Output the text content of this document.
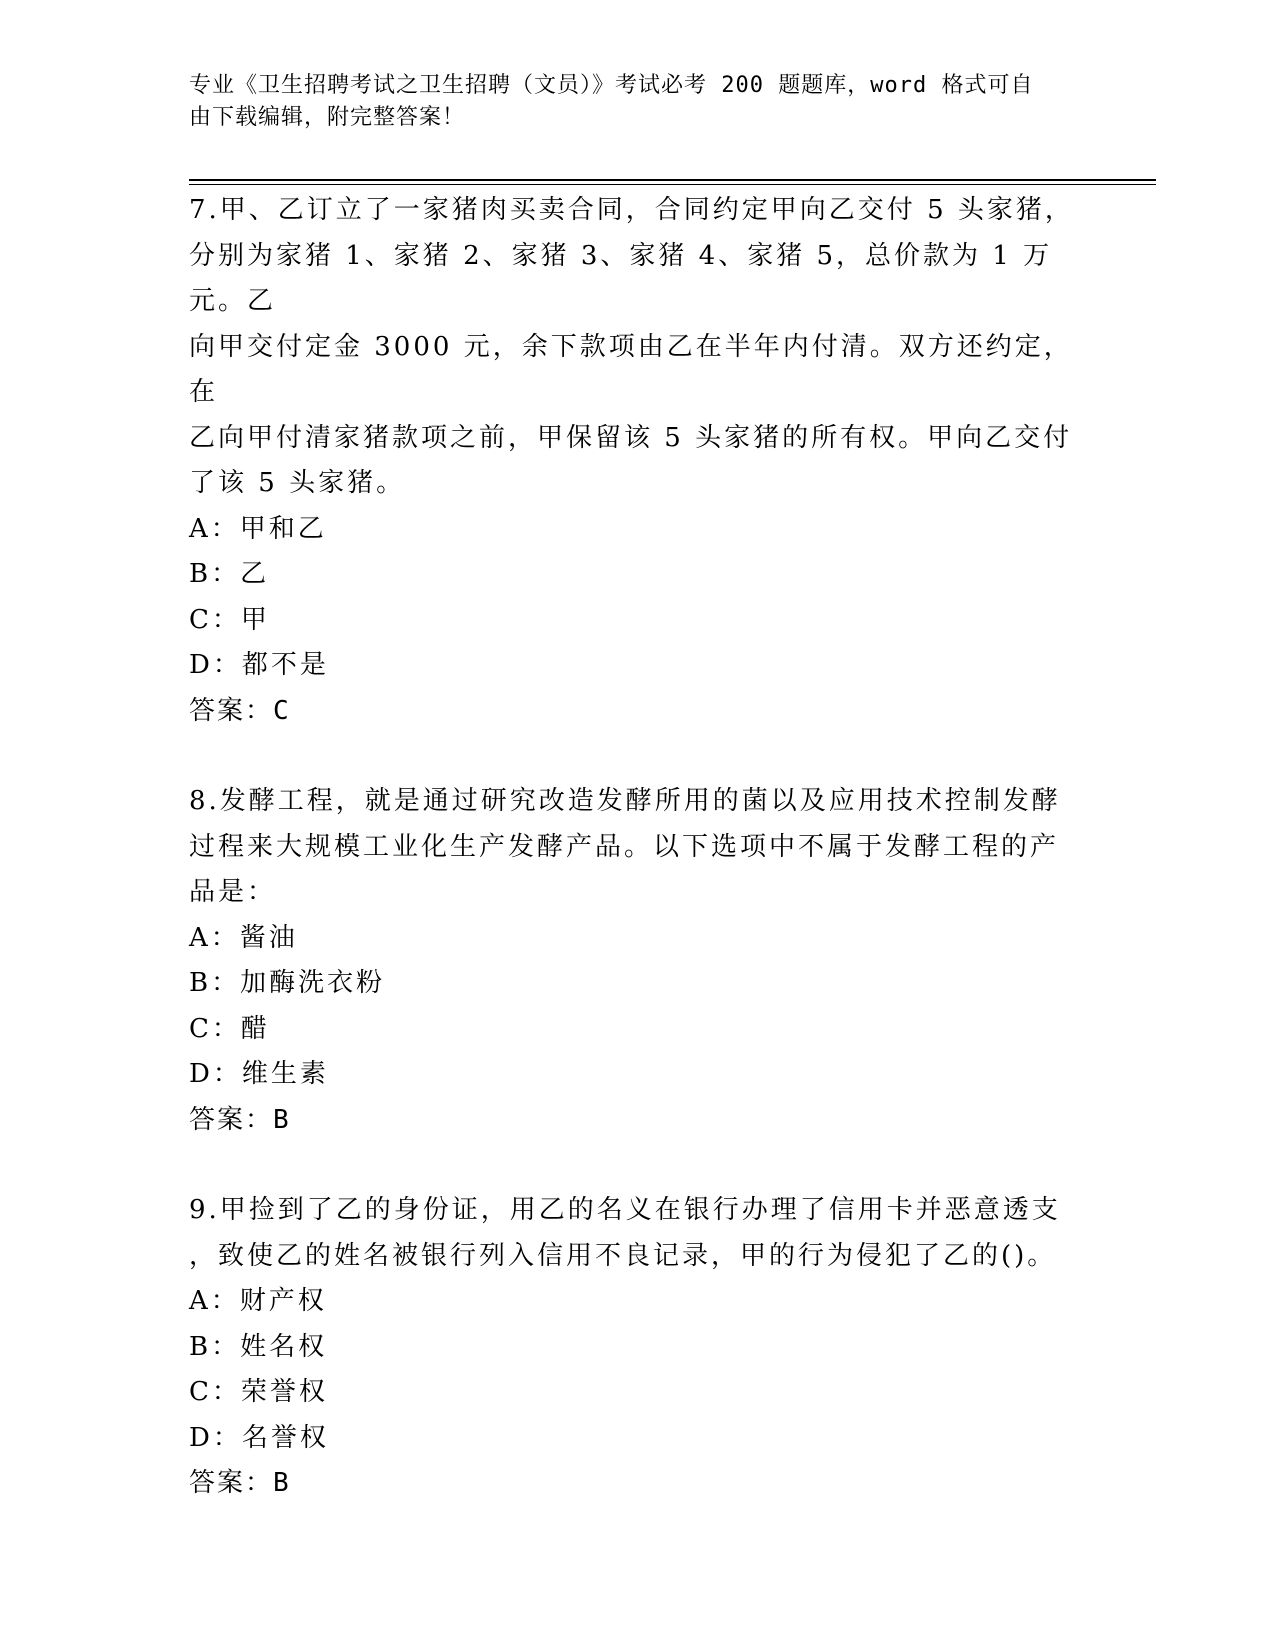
专业《卫生招聘考试之卫生招聘（文员）》考试必考 200 题题库，word 格式可自
由下载编辑，附完整答案！
7.甲、乙订立了一家猪肉买卖合同，合同约定甲向乙交付 5 头家猪，
分别为家猪 1、家猪 2、家猪 3、家猪 4、家猪 5，总价款为 1 万元。乙
向甲交付定金 3000 元，余下款项由乙在半年内付清。双方还约定，在
乙向甲付清家猪款项之前，甲保留该 5 头家猪的所有权。甲向乙交付
了该 5 头家猪。
A：甲和乙
B：乙
C：甲
D：都不是
答案：C
8.发酵工程，就是通过研究改造发酵所用的菌以及应用技术控制发酵
过程来大规模工业化生产发酵产品。以下选项中不属于发酵工程的产
品是：
A：酱油
B：加酶洗衣粉
C：醋
D：维生素
答案：B
9.甲捡到了乙的身份证，用乙的名义在银行办理了信用卡并恶意透支
，致使乙的姓名被银行列入信用不良记录，甲的行为侵犯了乙的()。
A：财产权
B：姓名权
C：荣誉权
D：名誉权
答案：B
